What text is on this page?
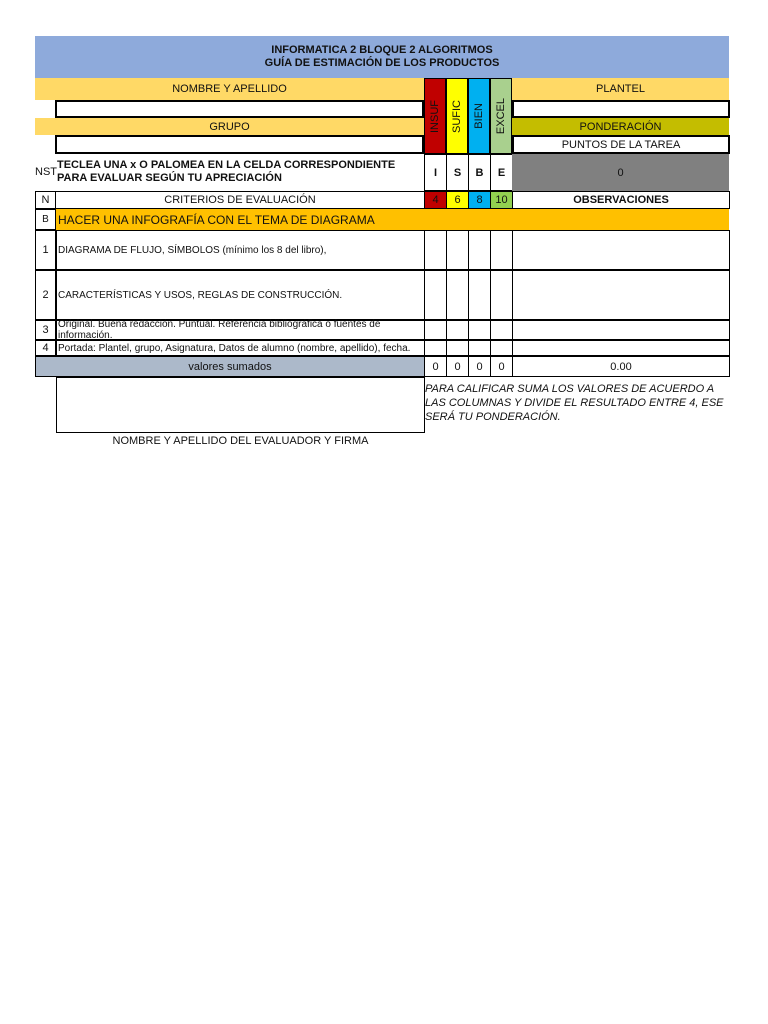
INFORMATICA 2 BLOQUE 2 ALGORITMOS
GUÍA DE ESTIMACIÓN DE LOS PRODUCTOS
NOMBRE Y APELLIDO	PLANTEL
INSUF SUFIC BIEN EXCEL
GRUPO	PONDERACIÓN
PUNTOS DE LA TAREA
NST
TECLEA UNA x O PALOMEA EN LA CELDA CORRESPONDIENTE PARA EVALUAR SEGÚN TU APRECIACIÓN	I	S	B	E	0
N	CRITERIOS DE EVALUACIÓN	4	6	8	10	OBSERVACIONES
B HACER UNA INFOGRAFÍA CON EL TEMA DE DIAGRAMA
1 DIAGRAMA DE FLUJO, SÍMBOLOS (mínimo los 8 del libro),
2 CARACTERÍSTICAS Y USOS, REGLAS DE CONSTRUCCIÓN.
3 Original. Buena redacción. Puntual. Referencia bibliográfica o fuentes de información.
4 Portada: Plantel, grupo, Asignatura, Datos de alumno (nombre, apellido), fecha.
valores sumados	0	0	0	0	0.00
PARA CALIFICAR SUMA LOS VALORES DE ACUERDO A LAS COLUMNAS Y DIVIDE EL RESULTADO ENTRE 4, ESE SERÁ TU PONDERACIÓN.
NOMBRE Y APELLIDO DEL EVALUADOR Y FIRMA
